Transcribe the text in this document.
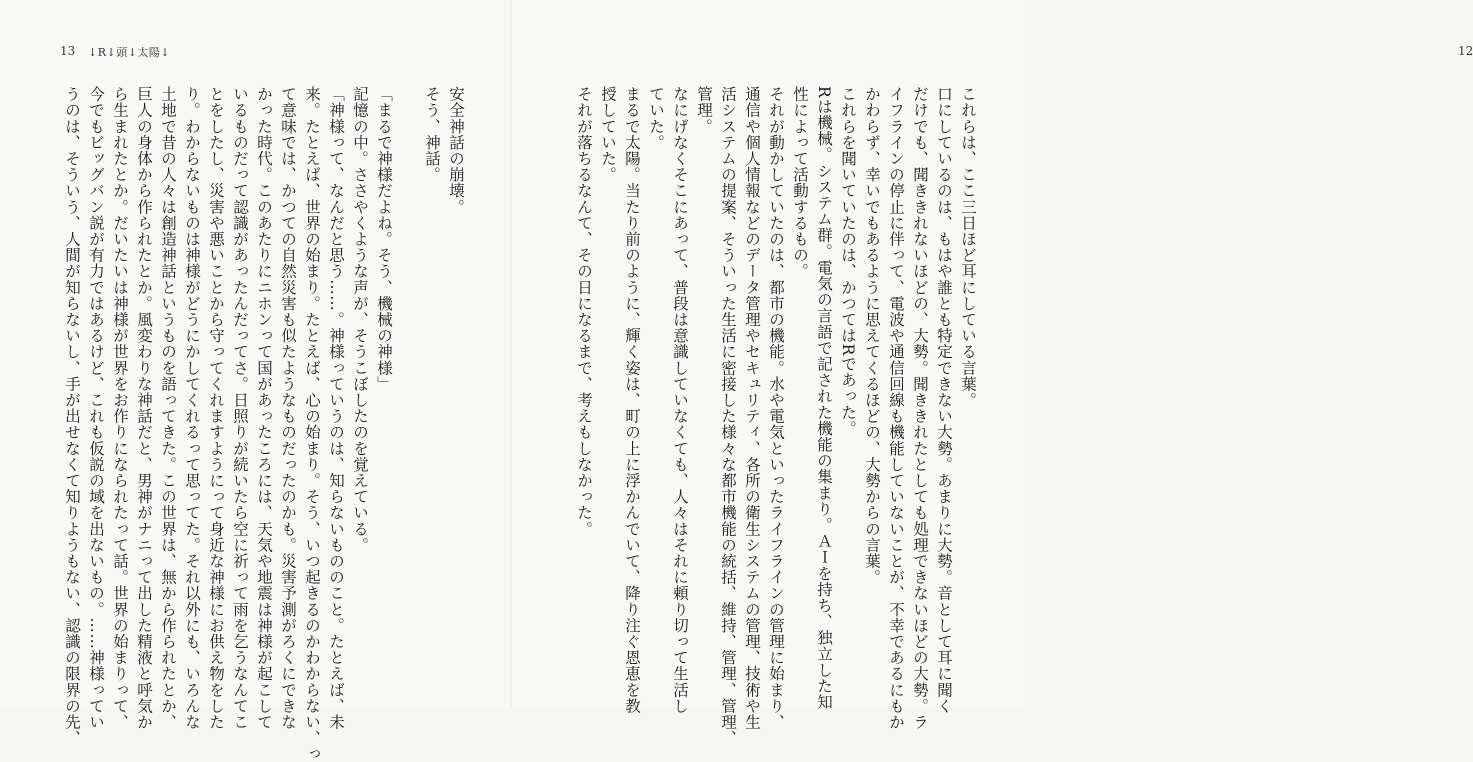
13 ↓R↓頭↓太陽↓

安全神話の崩壊。

そう、神話。

「まるで神様だよね。そう、機械の神様」

記憶の中。ささやくような声が、そうこぼしたのを覚えている。

「神様って、なんだと思う……。神様っていうのは、知らないもののこと。たとえば、未

来。たとえば、世界の始まり。たとえば、心の始まり。そう、いつ起きるのかわからない、っ

て意味では、かつての自然災害も似たようなものだったのかも。災害予測がろくにできな

かった時代。このあたりにニホンって国があったころには、天気や地震は神様が起こして

いるものだって認識があったんだってさ。日照りが続いたら空に祈って雨を乞うなんてこ

とをしたし、災害や悪いことから守ってくれますようにって身近な神様にお供え物をした

り。わからないものは神様がどうにかしてくれるって思ってた。それ以外にも、いろんな

土地で昔の人々は創造神話というものを語ってきた。この世界は、無から作られたとか、

巨人の身体から作られたとか。風変わりな神話だと、男神がナニって出した精液と呼気か

ら生まれたとか。だいたいは神様が世界をお作りになられたって話。世界の始まりって、

今でもビッグバン説が有力ではあるけど、これも仮説の域を出ないもの。……神様ってい

うのは、そういう、人間が知らないし、手が出せなくて知りようもない、認識の限界の先、

12

これらは、ここ三日ほど耳にしている言葉。

口にしているのは、もはや誰とも特定できない大勢。あまりに大勢。音として耳に聞く

だけでも、聞ききれないほどの、大勢。聞ききれたとしても処理できないほどの大勢。ラ

イフラインの停止に伴って、電波や通信回線も機能していないことが、不幸であるにもか

かわらず、幸いでもあるように思えてくるほどの、大勢からの言葉。

これらを聞いていたのは、かつてはRであった。

Rは機械。システム群。電気の言語で記された機能の集まり。ＡＩを持ち、独立した知

性によって活動するもの。

それが動かしていたのは、都市の機能。水や電気といったライフラインの管理に始まり、

通信や個人情報などのデータ管理やセキュリティ、各所の衛生システムの管理、技術や生

活システムの提案、そういった生活に密接した様々な都市機能の統括、維持、管理、管理、

管理。

なにげなくそこにあって、普段は意識していなくても、人々はそれに頼り切って生活し

ていた。

まるで太陽。当たり前のように、輝く姿は、町の上に浮かんでいて、降り注ぐ恩恵を教

授していた。

それが落ちるなんて、その日になるまで、考えもしなかった。
